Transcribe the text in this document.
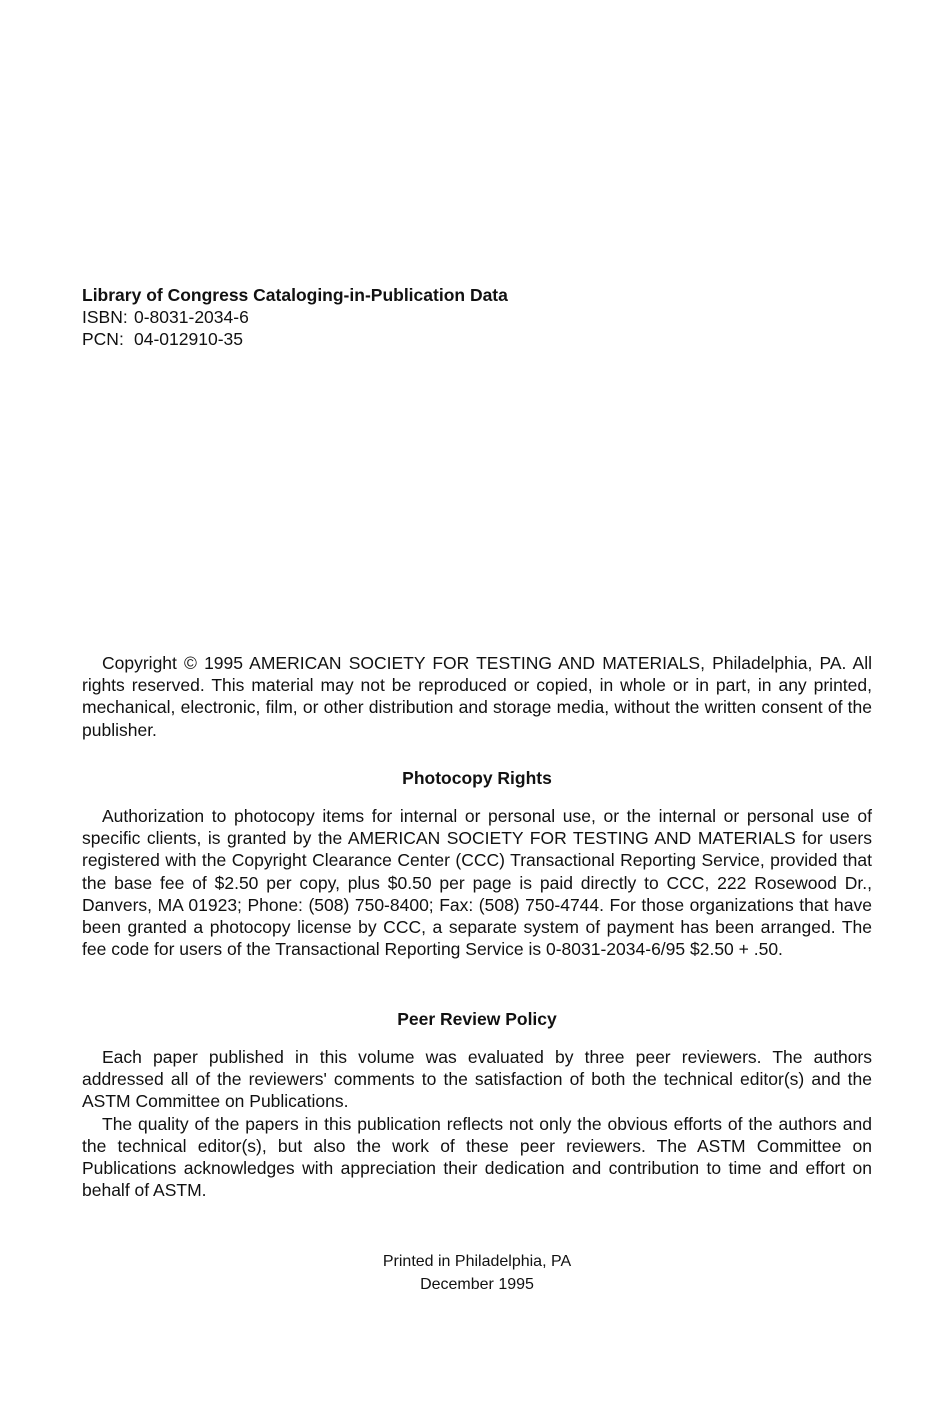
Library of Congress Cataloging-in-Publication Data
ISBN: 0-8031-2034-6
PCN: 04-012910-35

Copyright © 1995 AMERICAN SOCIETY FOR TESTING AND MATERIALS, Philadelphia, PA. All rights reserved. This material may not be reproduced or copied, in whole or in part, in any printed, mechanical, electronic, film, or other distribution and storage media, without the written consent of the publisher.

Photocopy Rights

Authorization to photocopy items for internal or personal use, or the internal or personal use of specific clients, is granted by the AMERICAN SOCIETY FOR TESTING AND MATERIALS for users registered with the Copyright Clearance Center (CCC) Transactional Reporting Service, provided that the base fee of $2.50 per copy, plus $0.50 per page is paid directly to CCC, 222 Rosewood Dr., Danvers, MA 01923; Phone: (508) 750-8400; Fax: (508) 750-4744. For those organizations that have been granted a photocopy license by CCC, a separate system of payment has been arranged. The fee code for users of the Transactional Reporting Service is 0-8031-2034-6/95 $2.50 + .50.

Peer Review Policy

Each paper published in this volume was evaluated by three peer reviewers. The authors addressed all of the reviewers' comments to the satisfaction of both the technical editor(s) and the ASTM Committee on Publications.

The quality of the papers in this publication reflects not only the obvious efforts of the authors and the technical editor(s), but also the work of these peer reviewers. The ASTM Committee on Publications acknowledges with appreciation their dedication and contribution to time and effort on behalf of ASTM.

Printed in Philadelphia, PA
December 1995
